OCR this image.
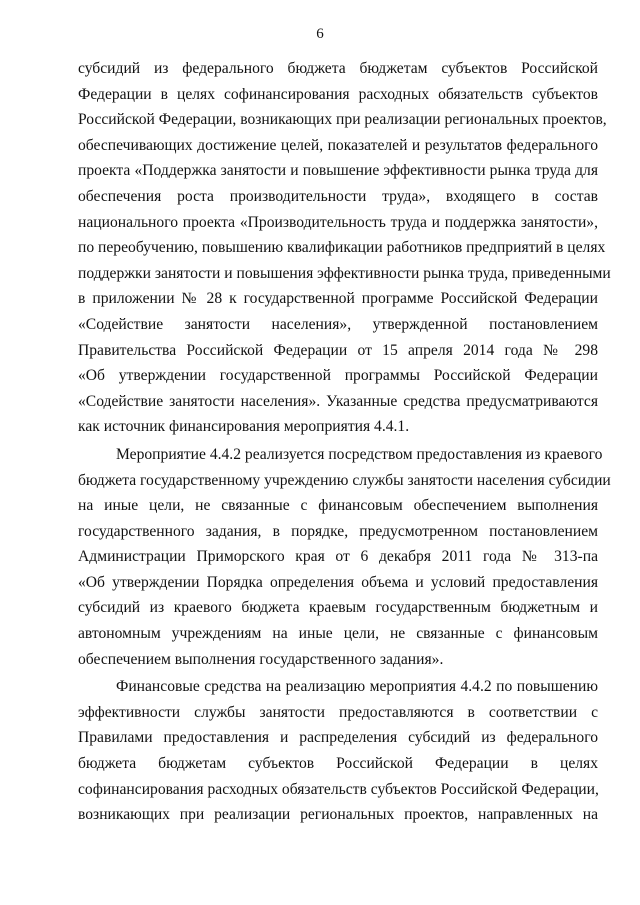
6
субсидий из федерального бюджета бюджетам субъектов Российской
Федерации в целях софинансирования расходных обязательств субъектов
Российской Федерации, возникающих при реализации региональных проектов,
обеспечивающих достижение целей, показателей и результатов федерального
проекта «Поддержка занятости и повышение эффективности рынка труда для
обеспечения роста производительности труда», входящего в состав
национального проекта «Производительность труда и поддержка занятости»,
по переобучению, повышению квалификации работников предприятий в целях
поддержки занятости и повышения эффективности рынка труда, приведенными
в приложении № 28 к государственной программе Российской Федерации
«Содействие занятости населения», утвержденной постановлением
Правительства Российской Федерации от 15 апреля 2014 года № 298
«Об утверждении государственной программы Российской Федерации
«Содействие занятости населения». Указанные средства предусматриваются
как источник финансирования мероприятия 4.4.1.
Мероприятие 4.4.2 реализуется посредством предоставления из краевого
бюджета государственному учреждению службы занятости населения субсидии
на иные цели, не связанные с финансовым обеспечением выполнения
государственного задания, в порядке, предусмотренном постановлением
Администрации Приморского края от 6 декабря 2011 года № 313-па
«Об утверждении Порядка определения объема и условий предоставления
субсидий из краевого бюджета краевым государственным бюджетным и
автономным учреждениям на иные цели, не связанные с финансовым
обеспечением выполнения государственного задания».
Финансовые средства на реализацию мероприятия 4.4.2 по повышению
эффективности службы занятости предоставляются в соответствии с
Правилами предоставления и распределения субсидий из федерального
бюджета бюджетам субъектов Российской Федерации в целях
софинансирования расходных обязательств субъектов Российской Федерации,
возникающих при реализации региональных проектов, направленных на
